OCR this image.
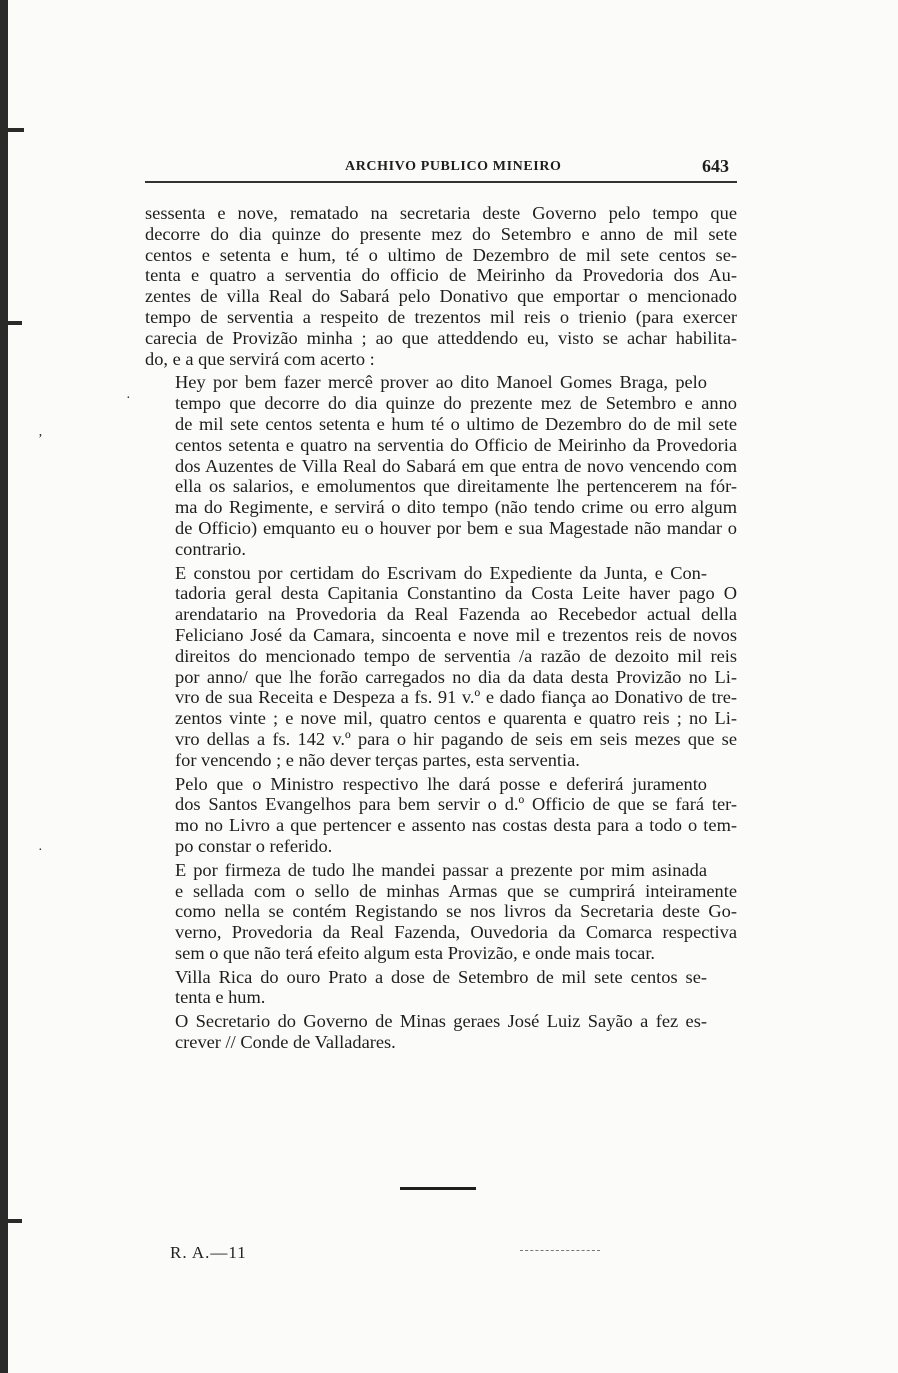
ʼ
·
·
ARCHIVO PUBLICO MINEIRO	643
sessenta e nove, rematado na secretaria deste Governo pelo tempo que
decorre do dia quinze do presente mez do Setembro e anno de mil sete
centos e setenta e hum, té o ultimo de Dezembro de mil sete centos se-
tenta e quatro a serventia do officio de Meirinho da Provedoria dos Au-
zentes de villa Real do Sabará pelo Donativo que emportar o mencionado
tempo de serventia a respeito de trezentos mil reis o trienio (para exercer
carecia de Provizão minha ; ao que atteddendo eu, visto se achar habilita-
do, e a que servirá com acerto :
Hey por bem fazer mercê prover ao dito Manoel Gomes Braga, pelo
tempo que decorre do dia quinze do prezente mez de Setembro e anno
de mil sete centos setenta e hum té o ultimo de Dezembro do de mil sete
centos setenta e quatro na serventia do Officio de Meirinho da Provedoria
dos Auzentes de Villa Real do Sabará em que entra de novo vencendo com
ella os salarios, e emolumentos que direitamente lhe pertencerem na fór-
ma do Regimente, e servirá o dito tempo (não tendo crime ou erro algum
de Officio) emquanto eu o houver por bem e sua Magestade não mandar o
contrario.
E constou por certidam do Escrivam do Expediente da Junta, e Con-
tadoria geral desta Capitania Constantino da Costa Leite haver pago O
arendatario na Provedoria da Real Fazenda ao Recebedor actual della
Feliciano José da Camara, sincoenta e nove mil e trezentos reis de novos
direitos do mencionado tempo de serventia /a razão de dezoito mil reis
por anno/ que lhe forão carregados no dia da data desta Provizão no Li-
vro de sua Receita e Despeza a fs. 91 v.º e dado fiança ao Donativo de tre-
zentos vinte ; e nove mil, quatro centos e quarenta e quatro reis ; no Li-
vro dellas a fs. 142 v.º para o hir pagando de seis em seis mezes que se
for vencendo ; e não dever terças partes, esta serventia.
Pelo que o Ministro respectivo lhe dará posse e deferirá juramento
dos Santos Evangelhos para bem servir o d.º Officio de que se fará ter-
mo no Livro a que pertencer e assento nas costas desta para a todo o tem-
po constar o referido.
E por firmeza de tudo lhe mandei passar a prezente por mim asinada
e sellada com o sello de minhas Armas que se cumprirá inteiramente
como nella se contém Registando se nos livros da Secretaria deste Go-
verno, Provedoria da Real Fazenda, Ouvedoria da Comarca respectiva
sem o que não terá efeito algum esta Provizão, e onde mais tocar.
Villa Rica do ouro Prato a dose de Setembro de mil sete centos se-
tenta e hum.
O Secretario do Governo de Minas geraes José Luiz Sayão a fez es-
crever // Conde de Valladares.
R. A.—11
